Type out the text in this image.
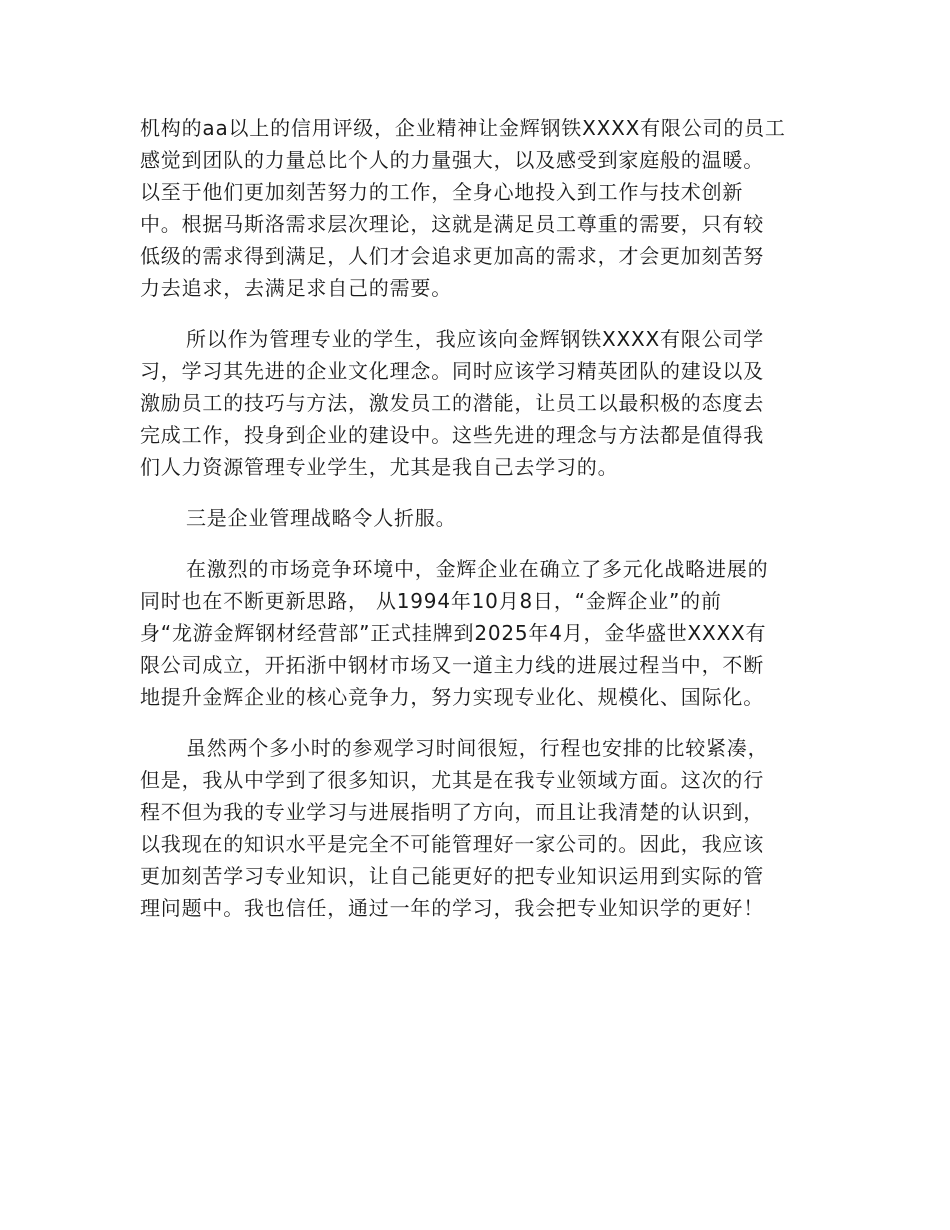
机构的aa以上的信用评级，企业精神让金辉钢铁XXXX有限公司的员工
感觉到团队的力量总比个人的力量强大，以及感受到家庭般的温暖。
以至于他们更加刻苦努力的工作，全身心地投入到工作与技术创新
中。根据马斯洛需求层次理论，这就是满足员工尊重的需要，只有较
低级的需求得到满足，人们才会追求更加高的需求，才会更加刻苦努
力去追求，去满足求自己的需要。
所以作为管理专业的学生，我应该向金辉钢铁XXXX有限公司学
习，学习其先进的企业文化理念。同时应该学习精英团队的建设以及
激励员工的技巧与方法，激发员工的潜能，让员工以最积极的态度去
完成工作，投身到企业的建设中。这些先进的理念与方法都是值得我
们人力资源管理专业学生，尤其是我自己去学习的。
三是企业管理战略令人折服。
在激烈的市场竞争环境中，金辉企业在确立了多元化战略进展的
同时也在不断更新思路， 从1994年10月8日，“金辉企业”的前
身“龙游金辉钢材经营部”正式挂牌到2025年4月，金华盛世XXXX有
限公司成立，开拓浙中钢材市场又一道主力线的进展过程当中，不断
地提升金辉企业的核心竞争力，努力实现专业化、规模化、国际化。
虽然两个多小时的参观学习时间很短，行程也安排的比较紧凑，
但是，我从中学到了很多知识，尤其是在我专业领域方面。这次的行
程不但为我的专业学习与进展指明了方向，而且让我清楚的认识到，
以我现在的知识水平是完全不可能管理好一家公司的。因此，我应该
更加刻苦学习专业知识，让自己能更好的把专业知识运用到实际的管
理问题中。我也信任，通过一年的学习，我会把专业知识学的更好！
